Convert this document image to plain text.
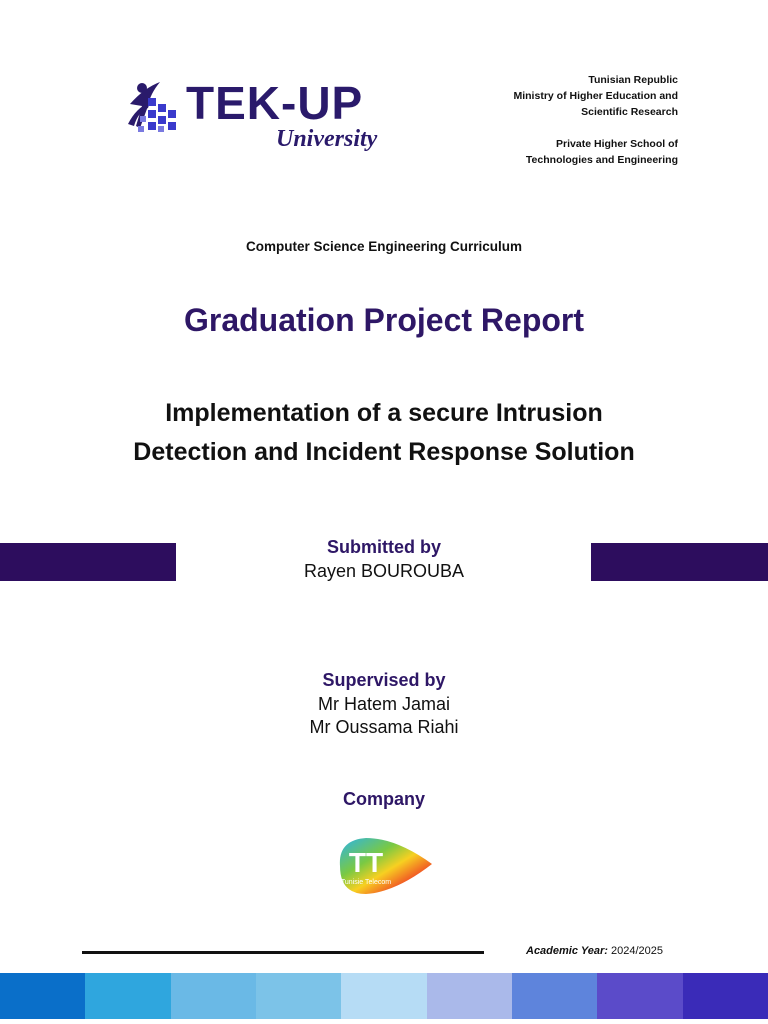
TEK-UP
University
Tunisian Republic
Ministry of Higher Education and
Scientific Research
Private Higher School of
Technologies and Engineering
Computer Science Engineering Curriculum
Graduation Project Report
Implementation of a secure Intrusion
Detection and Incident Response Solution
Submitted by
Rayen BOUROUBA
Supervised by
Mr Hatem Jamai
Mr Oussama Riahi
Company
TT
Tunisie Telecom
Academic Year: 2024/2025
